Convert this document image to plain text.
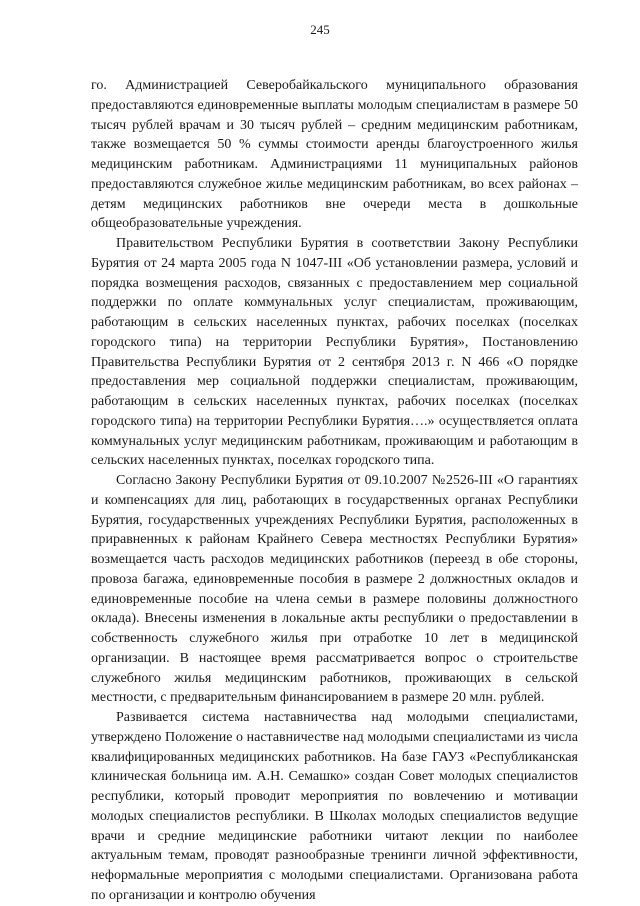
245

го. Администрацией Северобайкальского муниципального образования предоставляются единовременные выплаты молодым специалистам в размере 50 тысяч рублей врачам и 30 тысяч рублей – средним медицинским работникам, также возмещается 50 % суммы стоимости аренды благоустроенного жилья медицинским работникам. Администрациями 11 муниципальных районов предоставляются служебное жилье медицинским работникам, во всех районах – детям медицинских работников вне очереди места в дошкольные общеобразовательные учреждения.

Правительством Республики Бурятия в соответствии Закону Республики Бурятия от 24 марта 2005 года N 1047-III «Об установлении размера, условий и порядка возмещения расходов, связанных с предоставлением мер социальной поддержки по оплате коммунальных услуг специалистам, проживающим, работающим в сельских населенных пунктах, рабочих поселках (поселках городского типа) на территории Республики Бурятия», Постановлению Правительства Республики Бурятия от 2 сентября 2013 г. N 466 «О порядке предоставления мер социальной поддержки специалистам, проживающим, работающим в сельских населенных пунктах, рабочих поселках (поселках городского типа) на территории Республики Бурятия….» осуществляется оплата коммунальных услуг медицинским работникам, проживающим и работающим в сельских населенных пунктах, поселках городского типа.

Согласно Закону Республики Бурятия от 09.10.2007 №2526-III «О гарантиях и компенсациях для лиц, работающих в государственных органах Республики Бурятия, государственных учреждениях Республики Бурятия, расположенных в приравненных к районам Крайнего Севера местностях Республики Бурятия» возмещается часть расходов медицинских работников (переезд в обе стороны, провоза багажа, единовременные пособия в размере 2 должностных окладов и единовременные пособие на члена семьи в размере половины должностного оклада). Внесены изменения в локальные акты республики о предоставлении в собственность служебного жилья при отработке 10 лет в медицинской организации. В настоящее время рассматривается вопрос о строительстве служебного жилья медицинским работников, проживающих в сельской местности, с предварительным финансированием в размере 20 млн. рублей.

Развивается система наставничества над молодыми специалистами, утверждено Положение о наставничестве над молодыми специалистами из числа квалифицированных медицинских работников. На базе ГАУЗ «Республиканская клиническая больница им. А.Н. Семашко» создан Совет молодых специалистов республики, который проводит мероприятия по вовлечению и мотивации молодых специалистов республики. В Школах молодых специалистов ведущие врачи и средние медицинские работники читают лекции по наиболее актуальным темам, проводят разнообразные тренинги личной эффективности, неформальные мероприятия с молодыми специалистами. Организована работа по организации и контролю обучения
